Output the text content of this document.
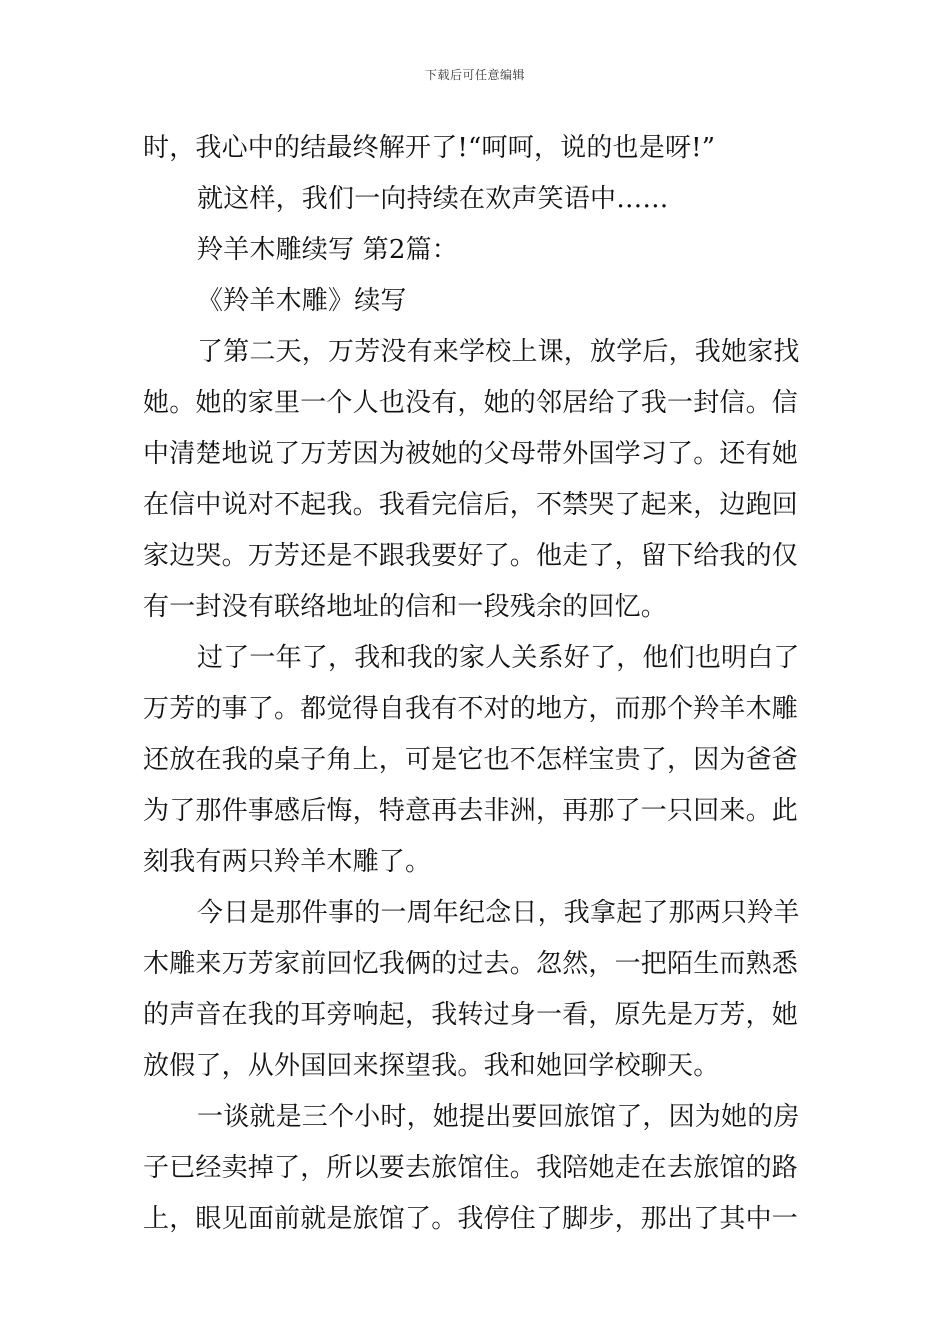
下载后可任意编辑
时，我心中的结最终解开了!“呵呵，说的也是呀!”
就这样，我们一向持续在欢声笑语中……
羚羊木雕续写 第2篇：
《羚羊木雕》续写
了第二天，万芳没有来学校上课，放学后，我她家找
她。她的家里一个人也没有，她的邻居给了我一封信。信
中清楚地说了万芳因为被她的父母带外国学习了。还有她
在信中说对不起我。我看完信后，不禁哭了起来，边跑回
家边哭。万芳还是不跟我要好了。他走了，留下给我的仅
有一封没有联络地址的信和一段残余的回忆。
过了一年了，我和我的家人关系好了，他们也明白了
万芳的事了。都觉得自我有不对的地方，而那个羚羊木雕
还放在我的桌子角上，可是它也不怎样宝贵了，因为爸爸
为了那件事感后悔，特意再去非洲，再那了一只回来。此
刻我有两只羚羊木雕了。
今日是那件事的一周年纪念日，我拿起了那两只羚羊
木雕来万芳家前回忆我俩的过去。忽然，一把陌生而熟悉
的声音在我的耳旁响起，我转过身一看，原先是万芳，她
放假了，从外国回来探望我。我和她回学校聊天。
一谈就是三个小时，她提出要回旅馆了，因为她的房
子已经卖掉了，所以要去旅馆住。我陪她走在去旅馆的路
上，眼见面前就是旅馆了。我停住了脚步，那出了其中一
